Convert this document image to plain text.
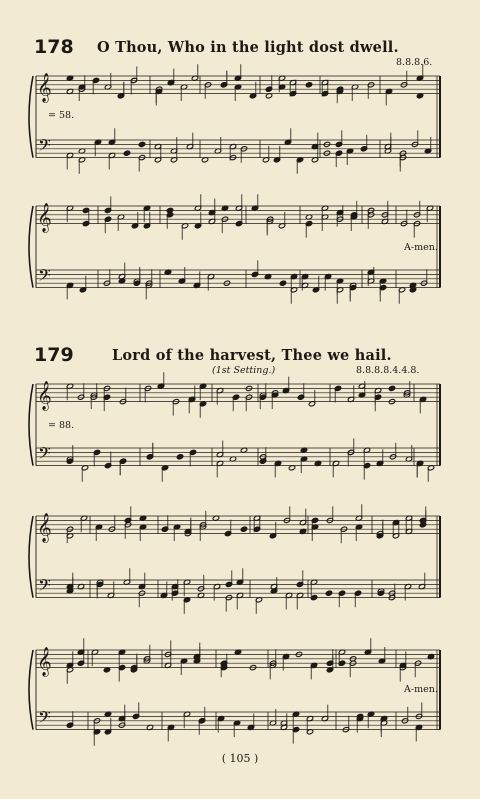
178 O Thou, Who in the light dost dwell.
8.8.8.6.
= 58.
A-men.
179	Lord of the harvest, Thee we hail.
(1st Setting.)	8.8.8.8.4.4.8.
= 88.
A-men.
( 105 )
𝄞
𝄢
𝄞
𝄢
𝄞
𝄢
𝄞
𝄢
𝄞
𝄢
